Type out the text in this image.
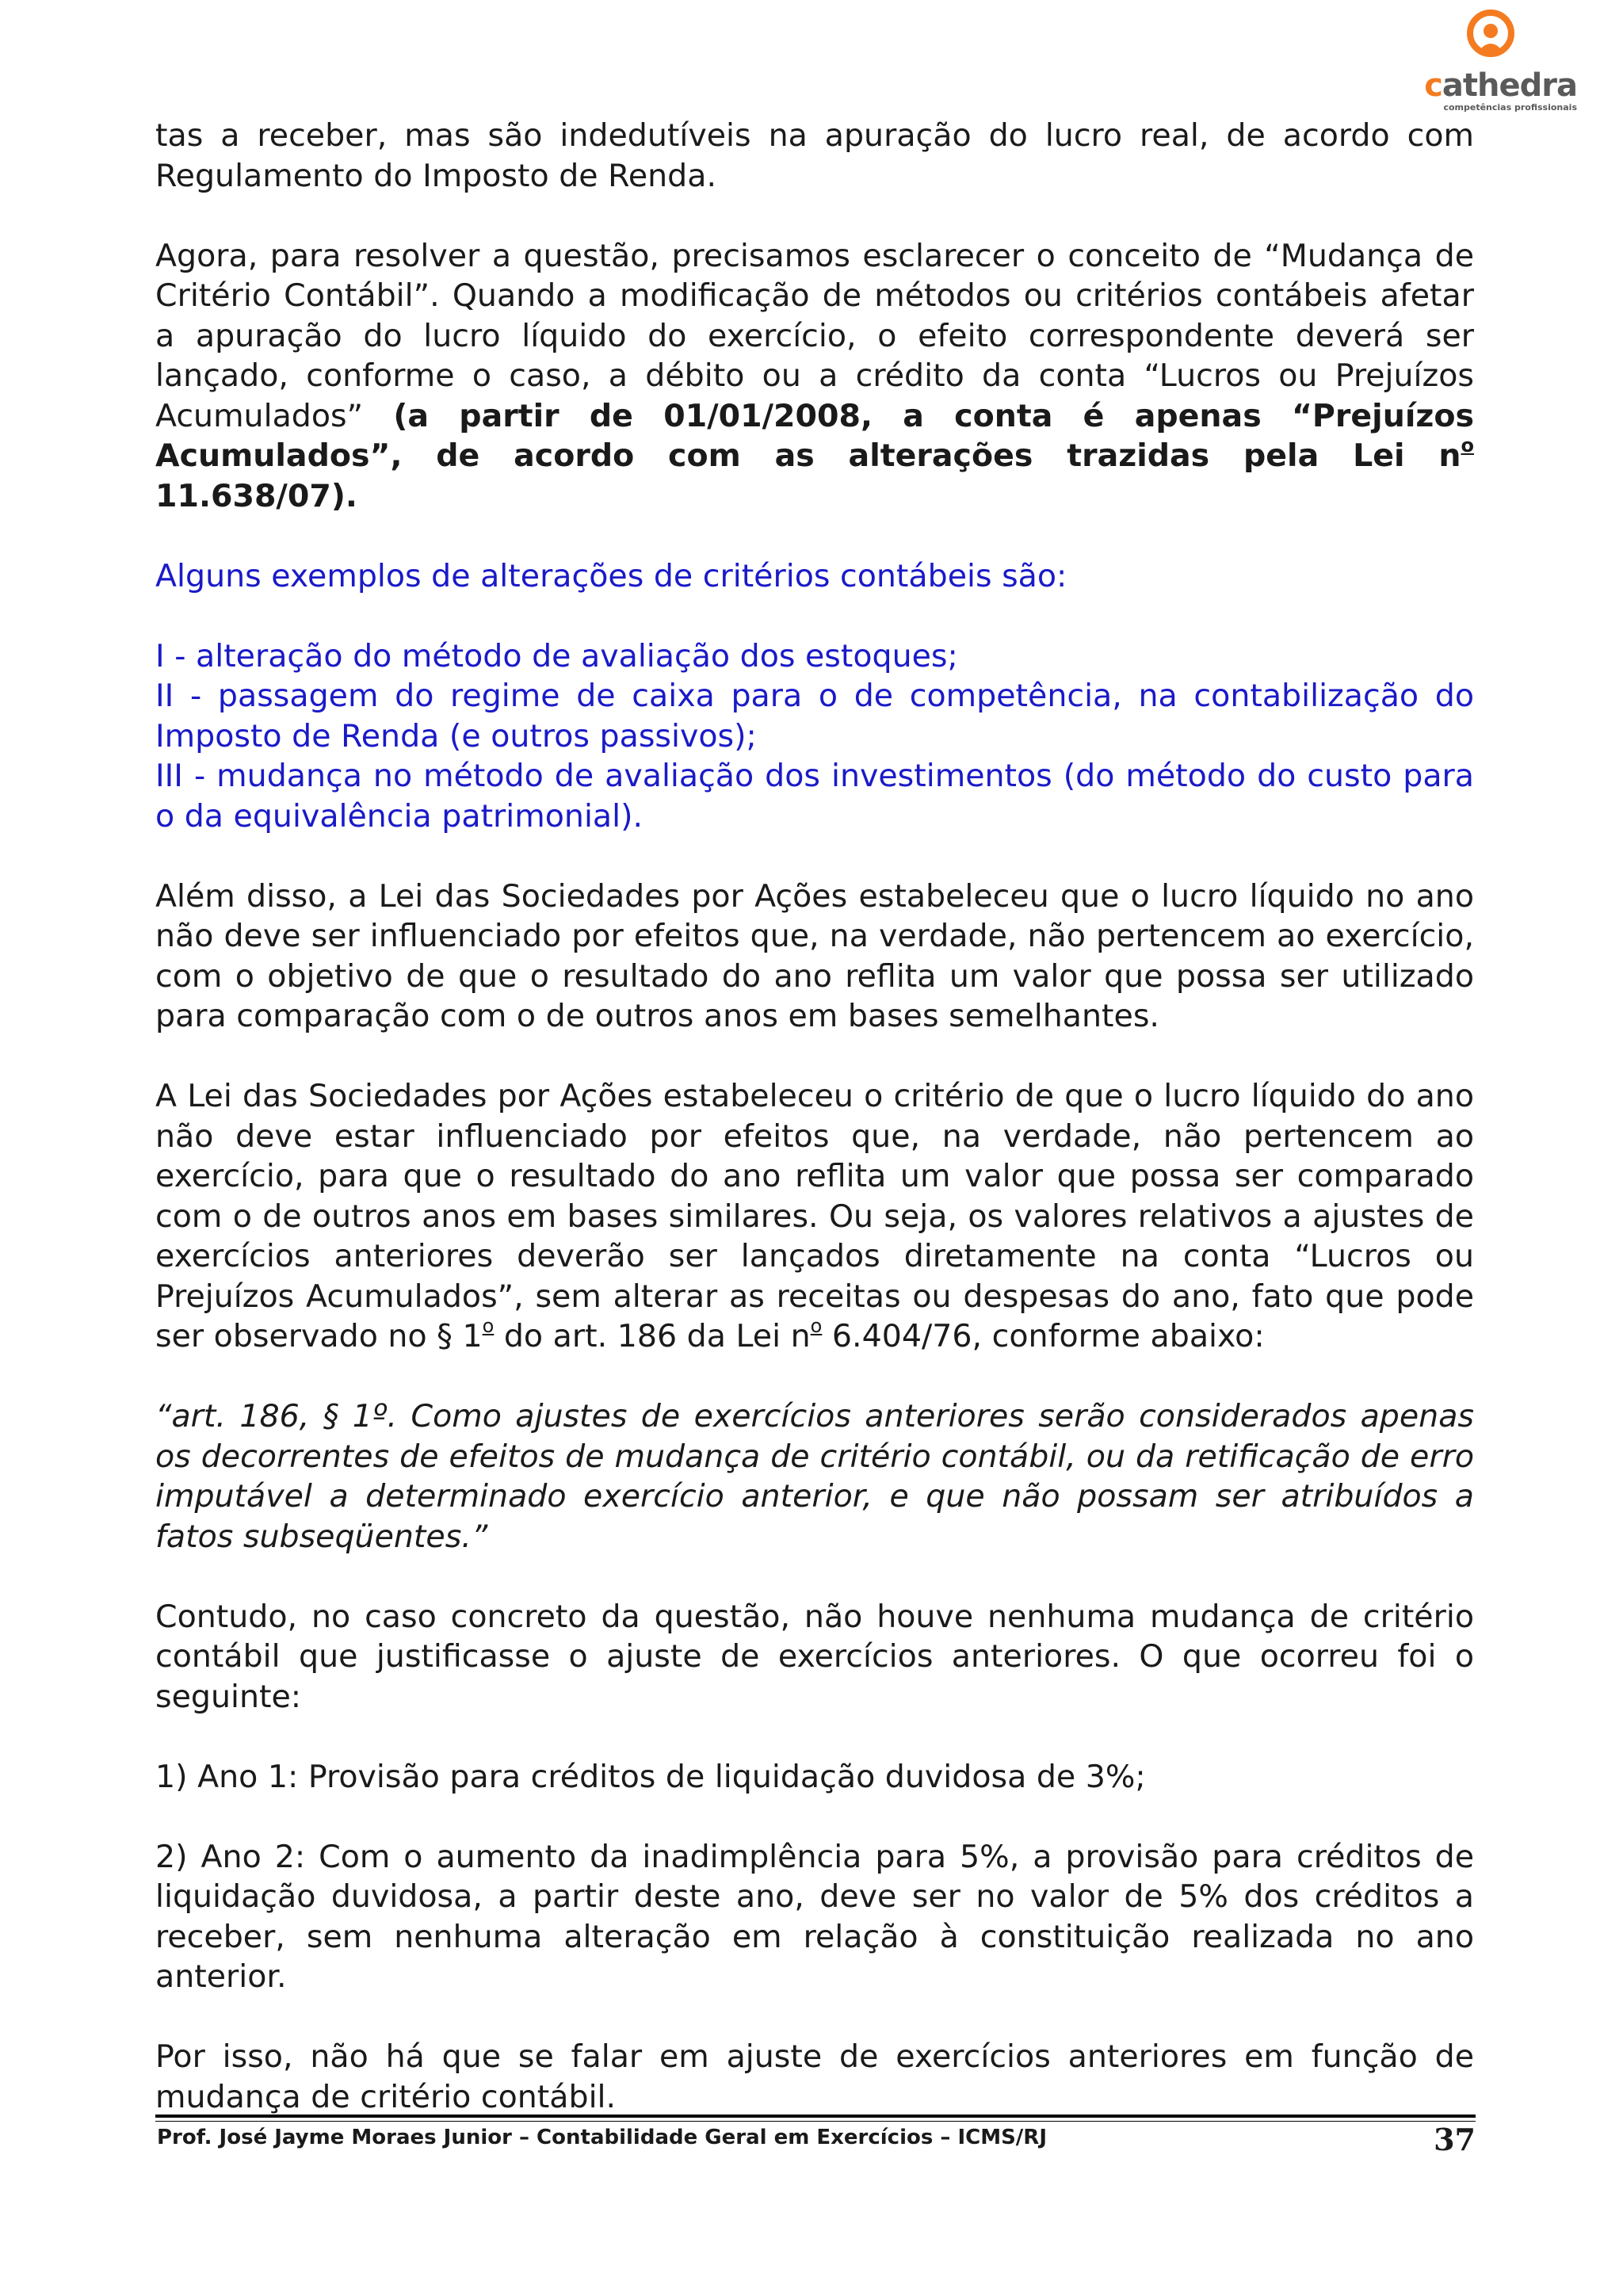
cathedra
competências profissionais

tas a receber, mas são indedutíveis na apuração do lucro real, de acordo com Regulamento do Imposto de Renda.

Agora, para resolver a questão, precisamos esclarecer o conceito de “Mudança de Critério Contábil”. Quando a modificação de métodos ou critérios contábeis afetar a apuração do lucro líquido do exercício, o efeito correspondente deverá ser lançado, conforme o caso, a débito ou a crédito da conta “Lucros ou Prejuízos Acumulados” (a partir de 01/01/2008, a conta é apenas “Prejuízos Acumulados”, de acordo com as alterações trazidas pela Lei $n^o$ 11.638/07).

Alguns exemplos de alterações de critérios contábeis são:

I - alteração do método de avaliação dos estoques;
II - passagem do regime de caixa para o de competência, na contabilização do Imposto de Renda (e outros passivos);
III - mudança no método de avaliação dos investimentos (do método do custo para o da equivalência patrimonial).

Além disso, a Lei das Sociedades por Ações estabeleceu que o lucro líquido no ano não deve ser influenciado por efeitos que, na verdade, não pertencem ao exercício, com o objetivo de que o resultado do ano reflita um valor que possa ser utilizado para comparação com o de outros anos em bases semelhantes.

A Lei das Sociedades por Ações estabeleceu o critério de que o lucro líquido do ano não deve estar influenciado por efeitos que, na verdade, não pertencem ao exercício, para que o resultado do ano reflita um valor que possa ser comparado com o de outros anos em bases similares. Ou seja, os valores relativos a ajustes de exercícios anteriores deverão ser lançados diretamente na conta “Lucros ou Prejuízos Acumulados”, sem alterar as receitas ou despesas do ano, fato que pode ser observado no § 1$^o$ do art. 186 da Lei $n^o$ 6.404/76, conforme abaixo:

“art. 186, § 1º. Como ajustes de exercícios anteriores serão considerados apenas os decorrentes de efeitos de mudança de critério contábil, ou da retificação de erro imputável a determinado exercício anterior, e que não possam ser atribuídos a fatos subseqüentes.”

Contudo, no caso concreto da questão, não houve nenhuma mudança de critério contábil que justificasse o ajuste de exercícios anteriores. O que ocorreu foi o seguinte:

1) Ano 1: Provisão para créditos de liquidação duvidosa de 3%;

2) Ano 2: Com o aumento da inadimplência para 5%, a provisão para créditos de liquidação duvidosa, a partir deste ano, deve ser no valor de 5% dos créditos a receber, sem nenhuma alteração em relação à constituição realizada no ano anterior.

Por isso, não há que se falar em ajuste de exercícios anteriores em função de mudança de critério contábil.

Prof. José Jayme Moraes Junior – Contabilidade Geral em Exercícios – ICMS/RJ	37
